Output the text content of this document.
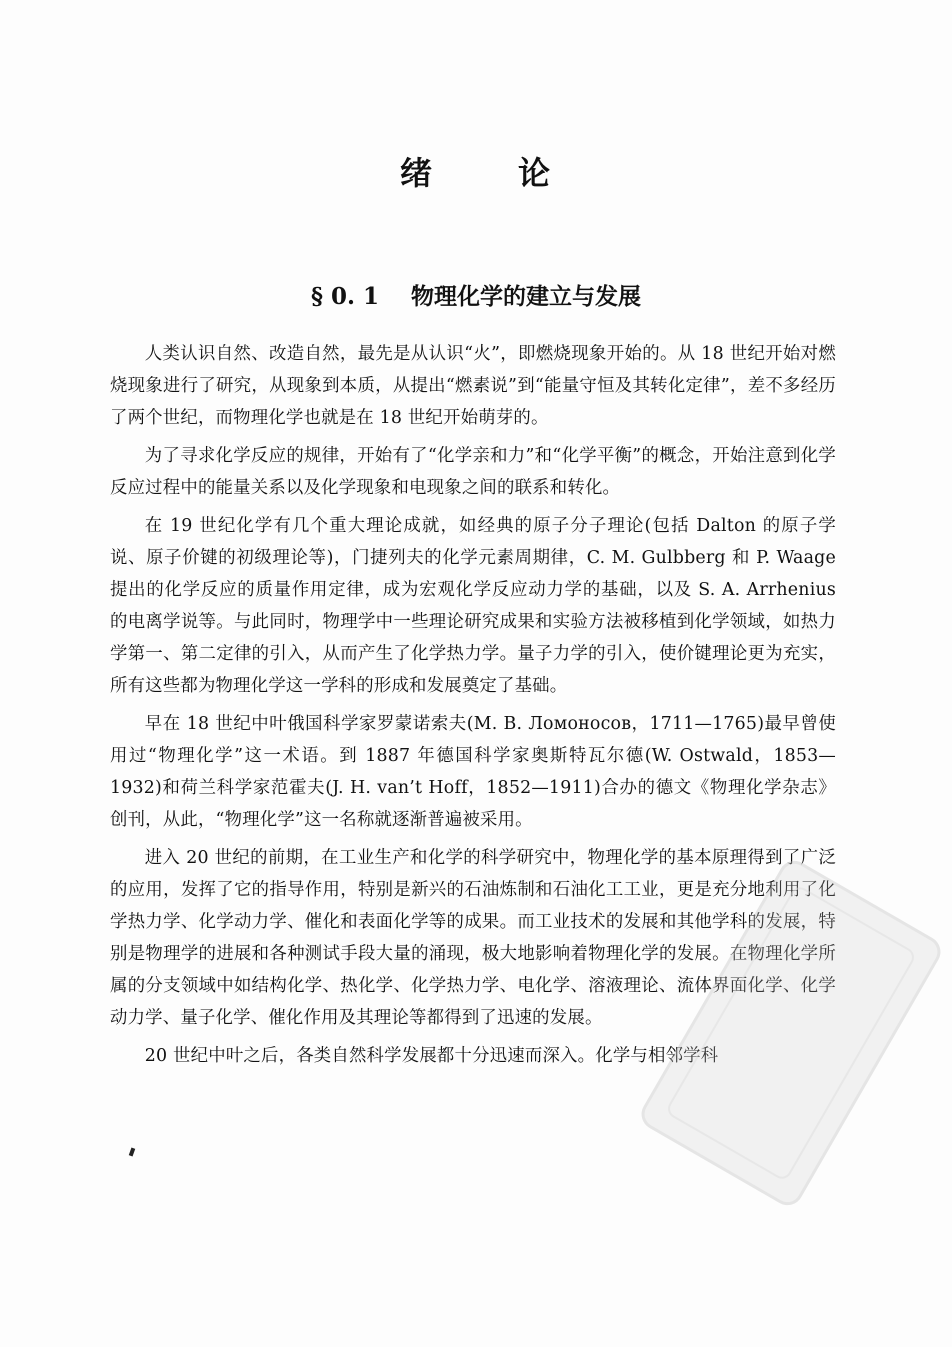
绪	论
§ 0. 1 物理化学的建立与发展

人类认识自然、改造自然，最先是从认识“火”，即燃烧现象开始的。从 18 世纪开始对燃烧现象进行了研究，从现象到本质，从提出“燃素说”到“能量守恒及其转化定律”，差不多经历了两个世纪，而物理化学也就是在 18 世纪开始萌芽的。

为了寻求化学反应的规律，开始有了“化学亲和力”和“化学平衡”的概念，开始注意到化学反应过程中的能量关系以及化学现象和电现象之间的联系和转化。

在 19 世纪化学有几个重大理论成就，如经典的原子分子理论(包括 Dalton 的原子学说、原子价键的初级理论等)，门捷列夫的化学元素周期律，C. M. Gulbberg 和 P. Waage 提出的化学反应的质量作用定律，成为宏观化学反应动力学的基础，以及 S. A. Arrhenius 的电离学说等。与此同时，物理学中一些理论研究成果和实验方法被移植到化学领域，如热力学第一、第二定律的引入，从而产生了化学热力学。量子力学的引入，使价键理论更为充实，所有这些都为物理化学这一学科的形成和发展奠定了基础。

早在 18 世纪中叶俄国科学家罗蒙诺索夫(M. B. Ломоносов，1711—1765)最早曾使用过“物理化学”这一术语。到 1887 年德国科学家奥斯特瓦尔德(W. Ostwald，1853—1932)和荷兰科学家范霍夫(J. H. van’t Hoff，1852—1911)合办的德文《物理化学杂志》创刊，从此，“物理化学”这一名称就逐渐普遍被采用。

进入 20 世纪的前期，在工业生产和化学的科学研究中，物理化学的基本原理得到了广泛的应用，发挥了它的指导作用，特别是新兴的石油炼制和石油化工工业，更是充分地利用了化学热力学、化学动力学、催化和表面化学等的成果。而工业技术的发展和其他学科的发展，特别是物理学的进展和各种测试手段大量的涌现，极大地影响着物理化学的发展。在物理化学所属的分支领域中如结构化学、热化学、化学热力学、电化学、溶液理论、流体界面化学、化学动力学、量子化学、催化作用及其理论等都得到了迅速的发展。

20 世纪中叶之后，各类自然科学发展都十分迅速而深入。化学与相邻学科
